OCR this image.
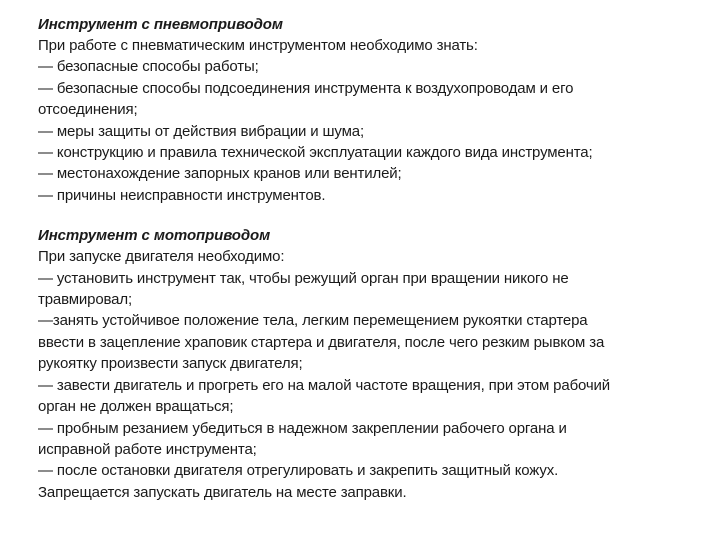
Инструмент с пневмоприводом

При работе с пневматическим инструментом необходимо знать:

— безопасные способы работы;

— безопасные способы подсоединения инструмента к воздухопроводам и его

отсоединения;

— меры защиты от действия вибрации и шума;

— конструкцию и правила технической эксплуатации каждого вида инструмента;

— местонахождение запорных кранов или вентилей;

— причины неисправности инструментов.

Инструмент с мотоприводом

При запуске двигателя необходимо:

— установить инструмент так, чтобы режущий орган при вращении никого не

травмировал;

—занять устойчивое положение тела, легким перемещением рукоятки стартера

ввести в зацепление храповик стартера и двигателя, после чего резким рывком за

рукоятку произвести запуск двигателя;

— завести двигатель и прогреть его на малой частоте вращения, при этом рабочий

орган не должен вращаться;

— пробным резанием убедиться в надежном закреплении рабочего органа и

исправной работе инструмента;

— после остановки двигателя отрегулировать и закрепить защитный кожух.

Запрещается запускать двигатель на месте заправки.
